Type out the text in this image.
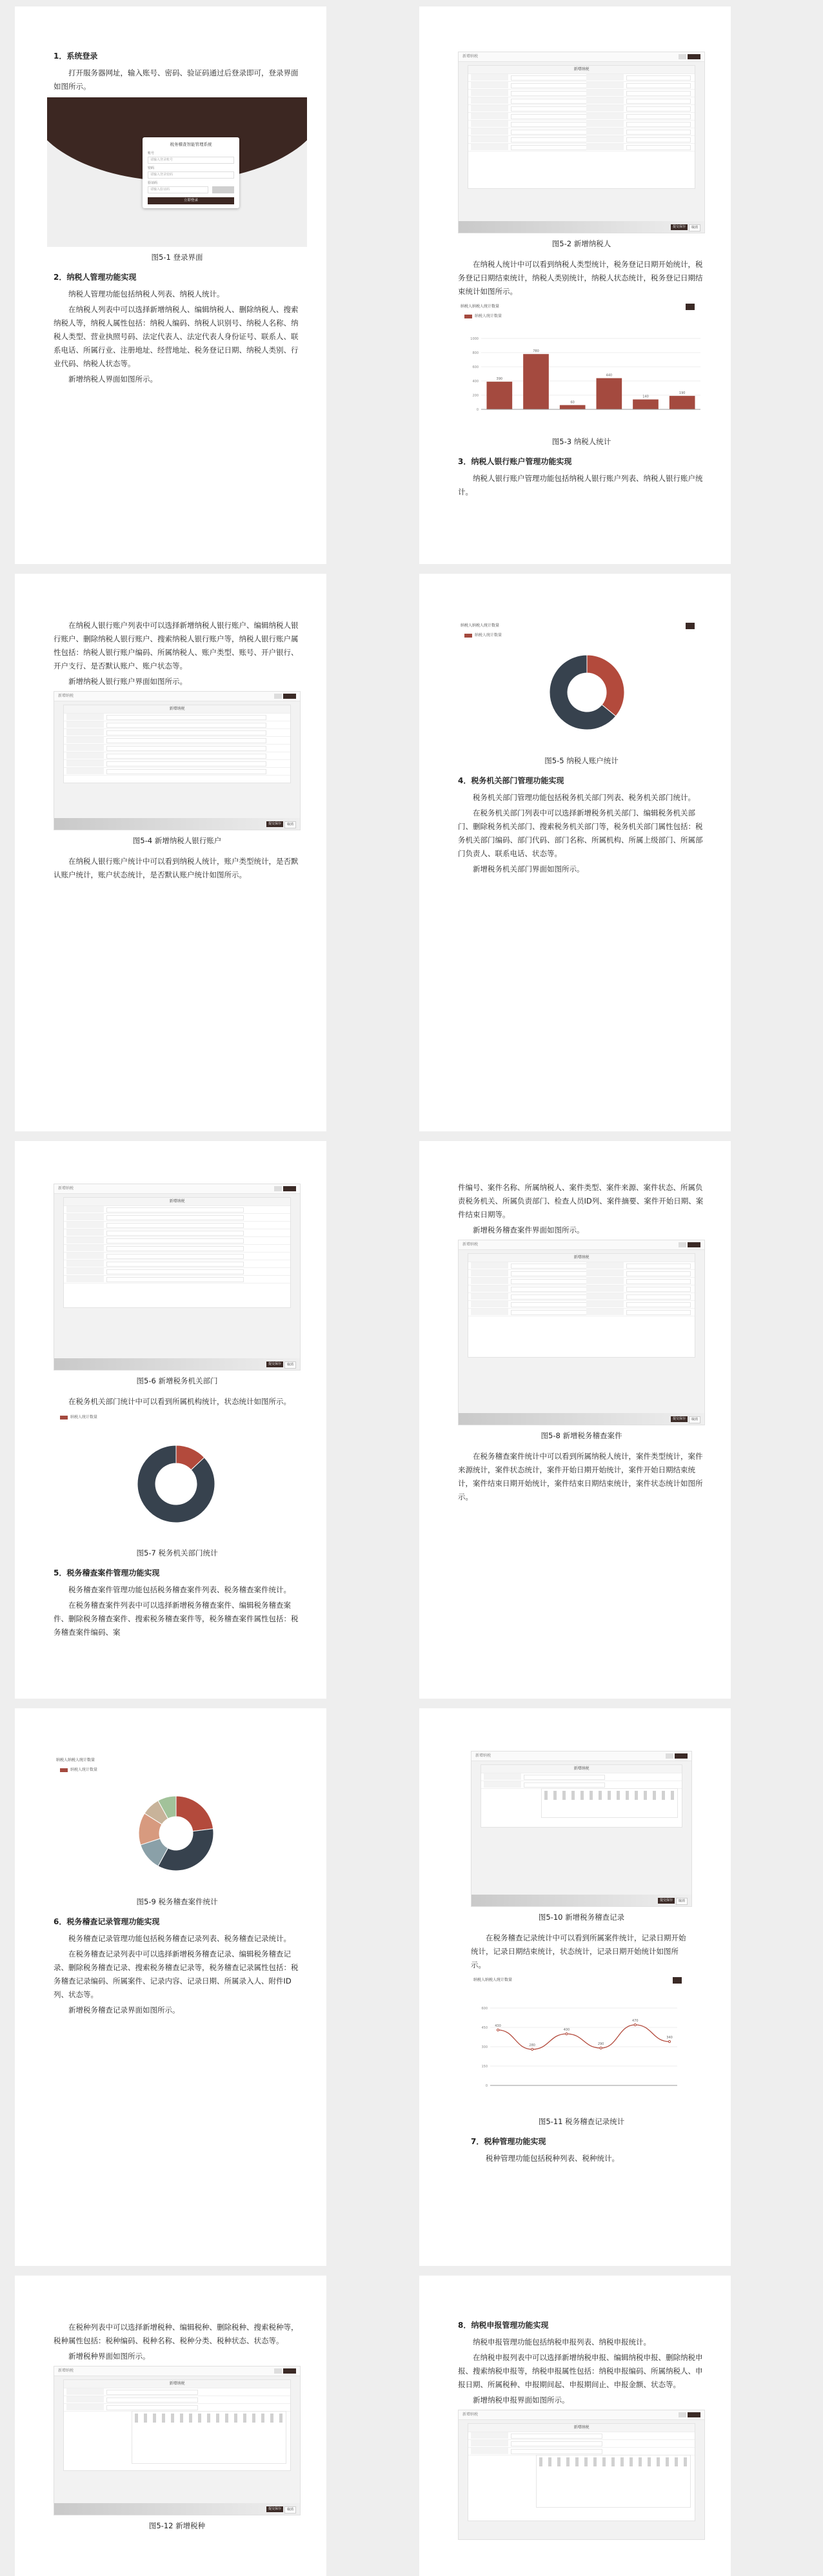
1．系统登录

打开服务器网址，输入账号、密码、验证码通过后登录即可，登录界面如图所示。

税务稽查智能管理系统
账号
请输入登录账号
密码
请输入登录密码
验证码
请输入验证码
立即登录
图5-1 登录界面
2．纳税人管理功能实现

纳税人管理功能包括纳税人列表、纳税人统计。

在纳税人列表中可以选择新增纳税人、编辑纳税人、删除纳税人、搜索纳税人等，纳税人属性包括：纳税人编码、纳税人识别号、纳税人名称、纳税人类型、营业执照号码、法定代表人、法定代表人身份证号、联系人、联系电话、所属行业、注册地址、经营地址、税务登记日期、纳税人类别、行业代码、纳税人状态等。

新增纳税人界面如图所示。

新增纳税
新增纳税
提交保存	取消
图5-2 新增纳税人

在纳税人统计中可以看到纳税人类型统计，税务登记日期开始统计，税务登记日期结束统计，纳税人类别统计，纳税人状态统计，税务登记日期结束统计如图所示。

纳税人纳税人统计数量
纳税人统计数量
0
200
400
600
800
1000
390
780
60
440
140
190
图5-3 纳税人统计
3．纳税人银行账户管理功能实现

纳税人银行账户管理功能包括纳税人银行账户列表、纳税人银行账户统计。

在纳税人银行账户列表中可以选择新增纳税人银行账户、编辑纳税人银行账户、删除纳税人银行账户、搜索纳税人银行账户等，纳税人银行账户属性包括：纳税人银行账户编码、所属纳税人、账户类型、账号、开户银行、开户支行、是否默认账户、账户状态等。

新增纳税人银行账户界面如图所示。

新增纳税
新增纳税
提交保存	取消
图5-4 新增纳税人银行账户

在纳税人银行账户统计中可以看到纳税人统计，账户类型统计，是否默认账户统计，账户状态统计，是否默认账户统计如图所示。

纳税人纳税人统计数量
纳税人统计数量
图5-5 纳税人账户统计
4．税务机关部门管理功能实现

税务机关部门管理功能包括税务机关部门列表、税务机关部门统计。

在税务机关部门列表中可以选择新增税务机关部门、编辑税务机关部门、删除税务机关部门、搜索税务机关部门等，税务机关部门属性包括：税务机关部门编码、部门代码、部门名称、所属机构、所属上级部门、所属部门负责人、联系电话、状态等。

新增税务机关部门界面如图所示。

新增纳税
新增纳税
提交保存	取消
图5-6 新增税务机关部门

在税务机关部门统计中可以看到所属机构统计，状态统计如图所示。

纳税人统计数量
图5-7 税务机关部门统计
5．税务稽查案件管理功能实现

税务稽查案件管理功能包括税务稽查案件列表、税务稽查案件统计。

在税务稽查案件列表中可以选择新增税务稽查案件、编辑税务稽查案件、删除税务稽查案件、搜索税务稽查案件等，税务稽查案件属性包括：税务稽查案件编码、案

件编号、案件名称、所属纳税人、案件类型、案件来源、案件状态、所属负责税务机关、所属负责部门、检查人员ID列、案件摘要、案件开始日期、案件结束日期等。

新增税务稽查案件界面如图所示。

新增纳税
新增纳税
提交保存	取消
图5-8 新增税务稽查案件

在税务稽查案件统计中可以看到所属纳税人统计，案件类型统计，案件来源统计，案件状态统计，案件开始日期开始统计，案件开始日期结束统计，案件结束日期开始统计，案件结束日期结束统计，案件状态统计如图所示。

纳税人纳税人统计数量
纳税人统计数量
图5-9 税务稽查案件统计
6．税务稽查记录管理功能实现

税务稽查记录管理功能包括税务稽查记录列表、税务稽查记录统计。

在税务稽查记录列表中可以选择新增税务稽查记录、编辑税务稽查记录、删除税务稽查记录、搜索税务稽查记录等，税务稽查记录属性包括：税务稽查记录编码、所属案件、记录内容、记录日期、所属录入人、附件ID列、状态等。

新增税务稽查记录界面如图所示。

新增纳税
新增纳税
提交保存	取消
图5-10 新增税务稽查记录

在税务稽查记录统计中可以看到所属案件统计，记录日期开始统计，记录日期结束统计，状态统计，记录日期开始统计如图所示。

纳税人纳税人统计数量
0
150
300
450
600
430
280
400
290
470
340
图5-11 税务稽查记录统计
7．税种管理功能实现

税种管理功能包括税种列表、税种统计。

在税种列表中可以选择新增税种、编辑税种、删除税种、搜索税种等，税种属性包括：税种编码、税种名称、税种分类、税种状态、状态等。

新增税种界面如图所示。

新增纳税
新增纳税
提交保存	取消
图5-12 新增税种
8．纳税申报管理功能实现

纳税申报管理功能包括纳税申报列表、纳税申报统计。

在纳税申报列表中可以选择新增纳税申报、编辑纳税申报、删除纳税申报、搜索纳税申报等，纳税申报属性包括：纳税申报编码、所属纳税人、申报日期、所属税种、申报期间起、申报期间止、申报金额、状态等。

新增纳税申报界面如图所示。

新增纳税
新增纳税
